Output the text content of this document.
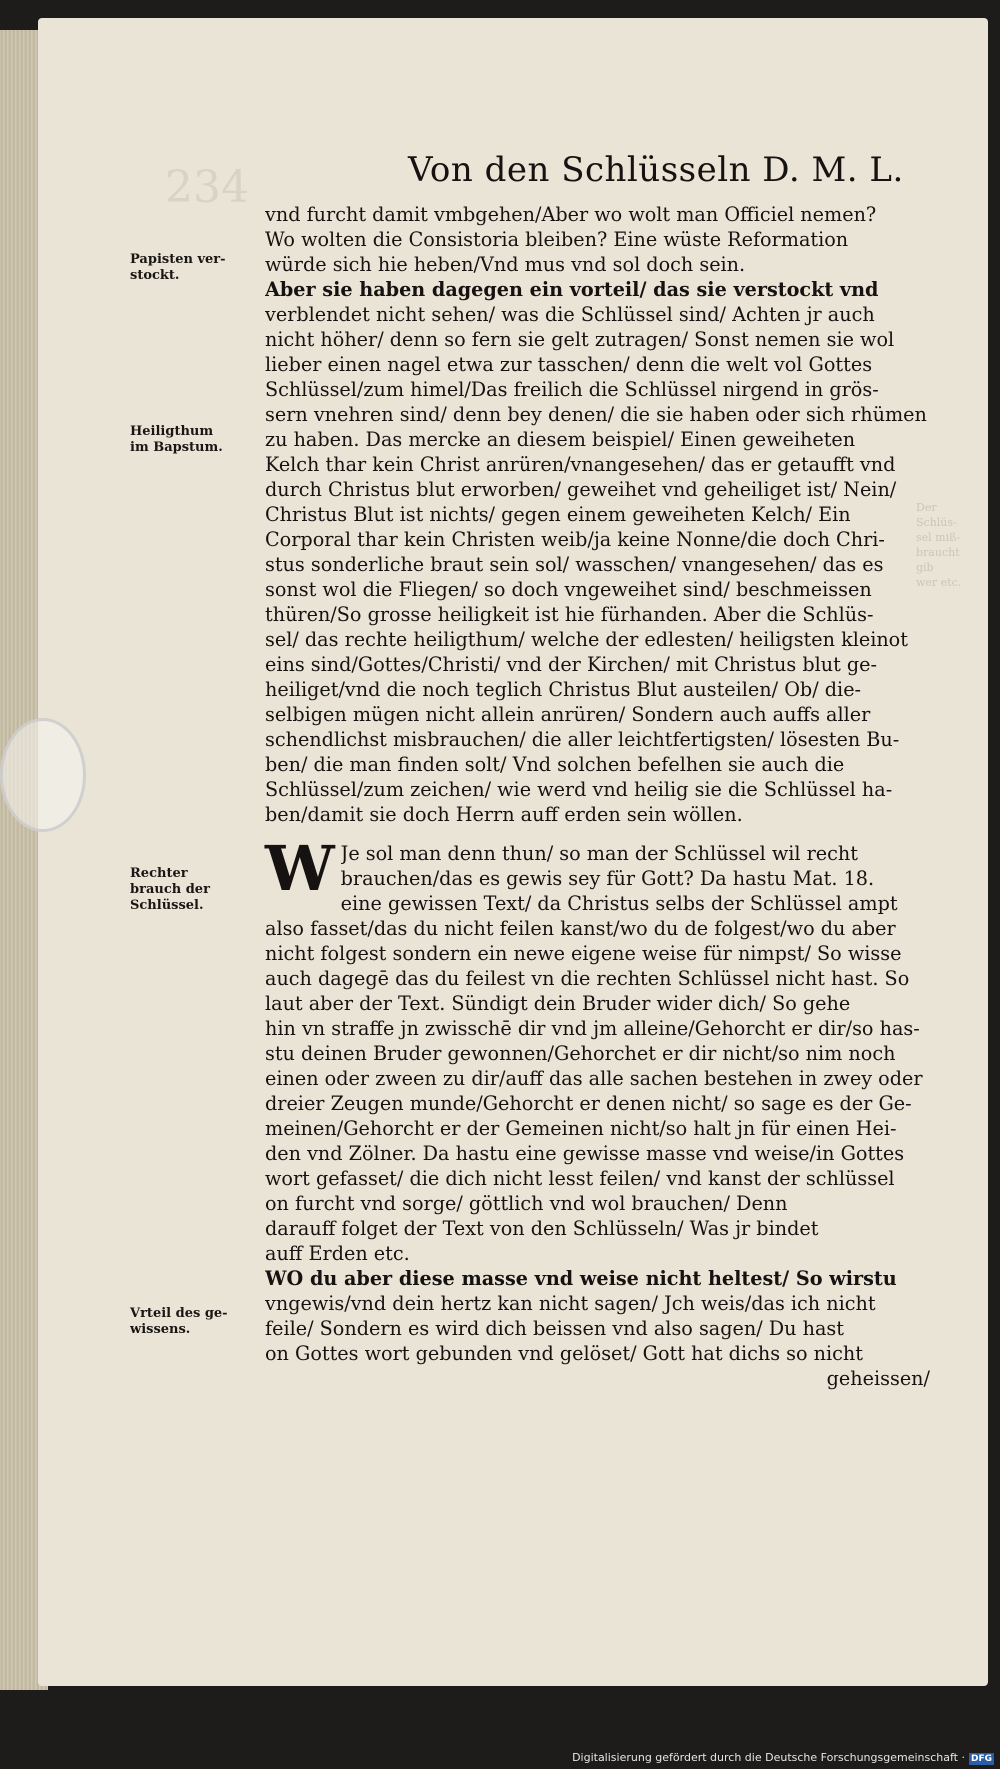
234
Der Schlüs-
sel miß-
braucht gib
wer etc.
Von den Schlüsseln D. M. L.
Papisten ver-
stockt.
Heiligthum
im Bapstum.
Rechter
brauch der
Schlüssel.
Vrteil des ge-
wissens.
vnd furcht damit vmbgehen/Aber wo wolt man Officiel nemen?
Wo wolten die Consistoria bleiben? Eine wüste Reformation
würde sich hie heben/Vnd mus vnd sol doch sein.
Aber sie haben dagegen ein vorteil/ das sie verstockt vnd
verblendet nicht sehen/ was die Schlüssel sind/ Achten jr auch
nicht höher/ denn so fern sie gelt zutragen/ Sonst nemen sie wol
lieber einen nagel etwa zur tasschen/ denn die welt vol Gottes
Schlüssel/zum himel/Das freilich die Schlüssel nirgend in grös-
sern vnehren sind/ denn bey denen/ die sie haben oder sich rhümen
zu haben. Das mercke an diesem beispiel/ Einen geweiheten
Kelch thar kein Christ anrüren/vnangesehen/ das er getaufft vnd
durch Christus blut erworben/ geweihet vnd geheiliget ist/ Nein/
Christus Blut ist nichts/ gegen einem geweiheten Kelch/ Ein
Corporal thar kein Christen weib/ja keine Nonne/die doch Chri-
stus sonderliche braut sein sol/ wasschen/ vnangesehen/ das es
sonst wol die Fliegen/ so doch vngeweihet sind/ beschmeissen
thüren/So grosse heiligkeit ist hie fürhanden. Aber die Schlüs-
sel/ das rechte heiligthum/ welche der edlesten/ heiligsten kleinot
eins sind/Gottes/Christi/ vnd der Kirchen/ mit Christus blut ge-
heiliget/vnd die noch teglich Christus Blut austeilen/ Ob/ die-
selbigen mügen nicht allein anrüren/ Sondern auch auffs aller
schendlichst misbrauchen/ die aller leichtfertigsten/ lösesten Bu-
ben/ die man finden solt/ Vnd solchen befelhen sie auch die
Schlüssel/zum zeichen/ wie werd vnd heilig sie die Schlüssel ha-
ben/damit sie doch Herrn auff erden sein wöllen.
W Je sol man denn thun/ so man der Schlüssel wil recht
brauchen/das es gewis sey für Gott? Da hastu Mat. 18.
eine gewissen Text/ da Christus selbs der Schlüssel ampt
also fasset/das du nicht feilen kanst/wo du de folgest/wo du aber
nicht folgest sondern ein newe eigene weise für nimpst/ So wisse
auch dagegē das du feilest vn die rechten Schlüssel nicht hast. So
laut aber der Text. Sündigt dein Bruder wider dich/ So gehe
hin vn straffe jn zwisschē dir vnd jm alleine/Gehorcht er dir/so has-
stu deinen Bruder gewonnen/Gehorchet er dir nicht/so nim noch
einen oder zween zu dir/auff das alle sachen bestehen in zwey oder
dreier Zeugen munde/Gehorcht er denen nicht/ so sage es der Ge-
meinen/Gehorcht er der Gemeinen nicht/so halt jn für einen Hei-
den vnd Zölner. Da hastu eine gewisse masse vnd weise/in Gottes
wort gefasset/ die dich nicht lesst feilen/ vnd kanst der schlüssel
on furcht vnd sorge/ göttlich vnd wol brauchen/ Denn
darauff folget der Text von den Schlüsseln/ Was jr bindet
auff Erden etc.
WO du aber diese masse vnd weise nicht heltest/ So wirstu
vngewis/vnd dein hertz kan nicht sagen/ Jch weis/das ich nicht
feile/ Sondern es wird dich beissen vnd also sagen/ Du hast
on Gottes wort gebunden vnd gelöset/ Gott hat dichs so nicht
geheissen/
Digitalisierung gefördert durch die Deutsche Forschungsgemeinschaft · DFG
